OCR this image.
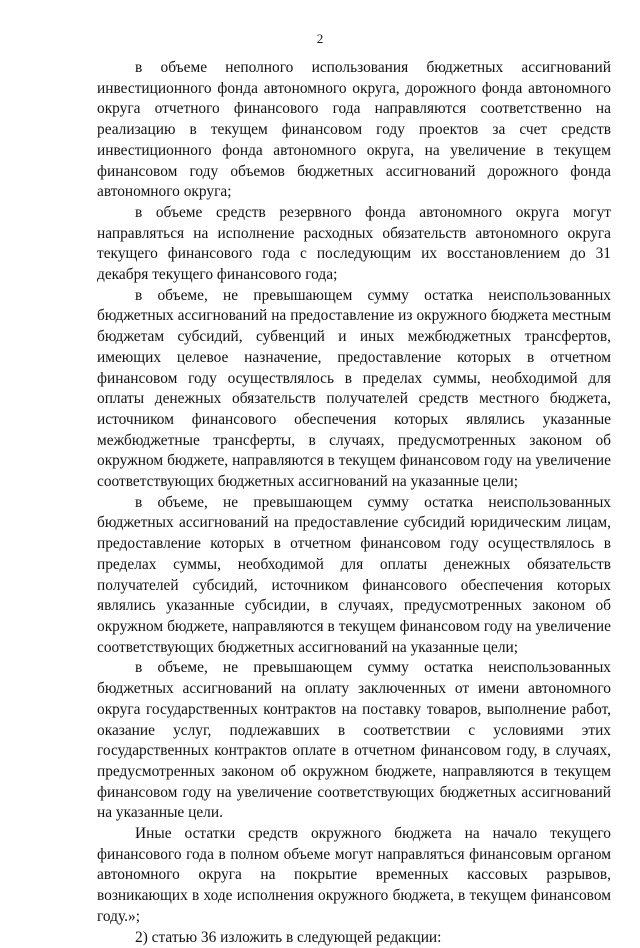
2

в объеме неполного использования бюджетных ассигнований инвестиционного фонда автономного округа, дорожного фонда автономного округа отчетного финансового года направляются соответственно на реализацию в текущем финансовом году проектов за счет средств инвестиционного фонда автономного округа, на увеличение в текущем финансовом году объемов бюджетных ассигнований дорожного фонда автономного округа;

в объеме средств резервного фонда автономного округа могут направляться на исполнение расходных обязательств автономного округа текущего финансового года с последующим их восстановлением до 31 декабря текущего финансового года;

в объеме, не превышающем сумму остатка неиспользованных бюджетных ассигнований на предоставление из окружного бюджета местным бюджетам субсидий, субвенций и иных межбюджетных трансфертов, имеющих целевое назначение, предоставление которых в отчетном финансовом году осуществлялось в пределах суммы, необходимой для оплаты денежных обязательств получателей средств местного бюджета, источником финансового обеспечения которых являлись указанные межбюджетные трансферты, в случаях, предусмотренных законом об окружном бюджете, направляются в текущем финансовом году на увеличение соответствующих бюджетных ассигнований на указанные цели;

в объеме, не превышающем сумму остатка неиспользованных бюджетных ассигнований на предоставление субсидий юридическим лицам, предоставление которых в отчетном финансовом году осуществлялось в пределах суммы, необходимой для оплаты денежных обязательств получателей субсидий, источником финансового обеспечения которых являлись указанные субсидии, в случаях, предусмотренных законом об окружном бюджете, направляются в текущем финансовом году на увеличение соответствующих бюджетных ассигнований на указанные цели;

в объеме, не превышающем сумму остатка неиспользованных бюджетных ассигнований на оплату заключенных от имени автономного округа государственных контрактов на поставку товаров, выполнение работ, оказание услуг, подлежавших в соответствии с условиями этих государственных контрактов оплате в отчетном финансовом году, в случаях, предусмотренных законом об окружном бюджете, направляются в текущем финансовом году на увеличение соответствующих бюджетных ассигнований на указанные цели.

Иные остатки средств окружного бюджета на начало текущего финансового года в полном объеме могут направляться финансовым органом автономного округа на покрытие временных кассовых разрывов, возникающих в ходе исполнения окружного бюджета, в текущем финансовом году.»;

2) статью 36 изложить в следующей редакции:
